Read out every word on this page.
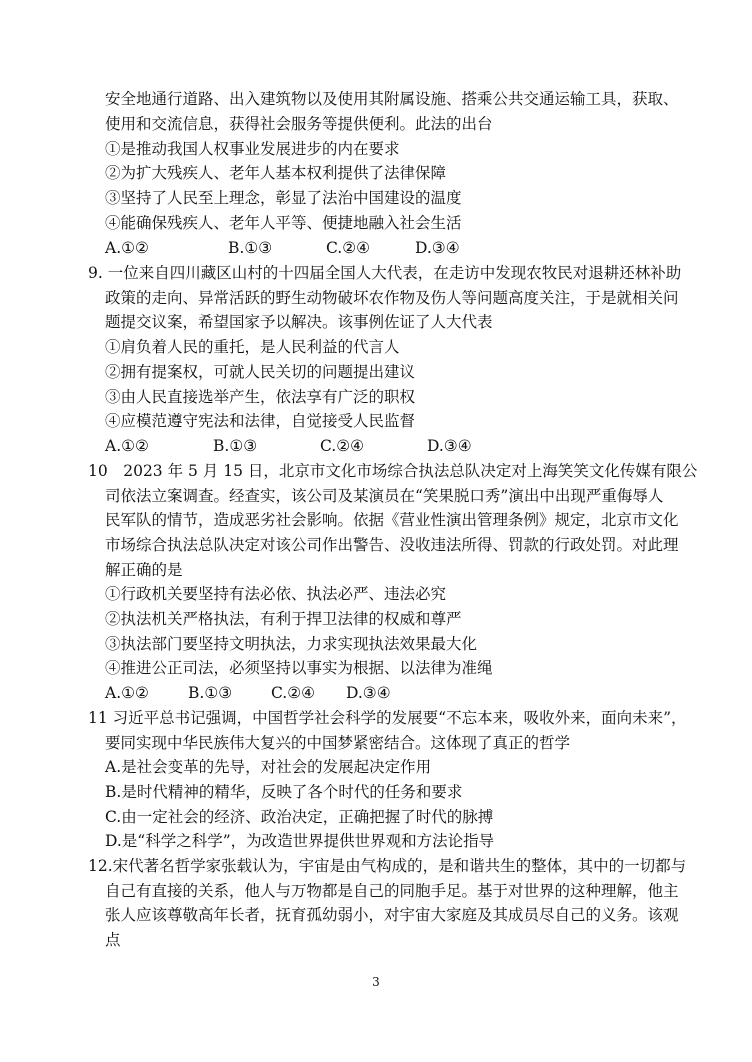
安全地通行道路、出入建筑物以及使用其附属设施、搭乘公共交通运输工具，获取、
使用和交流信息，获得社会服务等提供便利。此法的出台
①是推动我国人权事业发展进步的内在要求
②为扩大残疾人、老年人基本权利提供了法律保障
③坚持了人民至上理念，彰显了法治中国建设的温度
④能确保残疾人、老年人平等、便捷地融入社会生活
A.①②	B.①③	C.②④	D.③④
9. 一位来自四川藏区山村的十四届全国人大代表，在走访中发现农牧民对退耕还林补助
政策的走向、异常活跃的野生动物破坏农作物及伤人等问题高度关注，于是就相关问
题提交议案，希望国家予以解决。该事例佐证了人大代表
①肩负着人民的重托，是人民利益的代言人
②拥有提案权，可就人民关切的问题提出建议
③由人民直接选举产生，依法享有广泛的职权
④应模范遵守宪法和法律，自觉接受人民监督
A.①②	B.①③	C.②④	D.③④
10　2023 年 5 月 15 日，北京市文化市场综合执法总队决定对上海笑笑文化传媒有限公
司依法立案调查。经查实，该公司及某演员在“笑果脱口秀”演出中出现严重侮辱人
民军队的情节，造成恶劣社会影响。依据《营业性演出管理条例》规定，北京市文化
市场综合执法总队决定对该公司作出警告、没收违法所得、罚款的行政处罚。对此理
解正确的是
①行政机关要坚持有法必依、执法必严、违法必究
②执法机关严格执法，有利于捍卫法律的权威和尊严
③执法部门要坚持文明执法，力求实现执法效果最大化
④推进公正司法，必须坚持以事实为根据、以法律为准绳
A.①②	B.①③	C.②④ D.③④
11 习近平总书记强调，中国哲学社会科学的发展要“不忘本来，吸收外来，面向未来”，
要同实现中华民族伟大复兴的中国梦紧密结合。这体现了真正的哲学
A.是社会变革的先导，对社会的发展起决定作用
B.是时代精神的精华，反映了各个时代的任务和要求
C.由一定社会的经济、政治决定，正确把握了时代的脉搏
D.是“科学之科学”，为改造世界提供世界观和方法论指导
12.宋代著名哲学家张载认为，宇宙是由气构成的，是和谐共生的整体，其中的一切都与
自己有直接的关系，他人与万物都是自己的同胞手足。基于对世界的这种理解，他主
张人应该尊敬高年长者，抚育孤幼弱小，对宇宙大家庭及其成员尽自己的义务。该观
点
3
